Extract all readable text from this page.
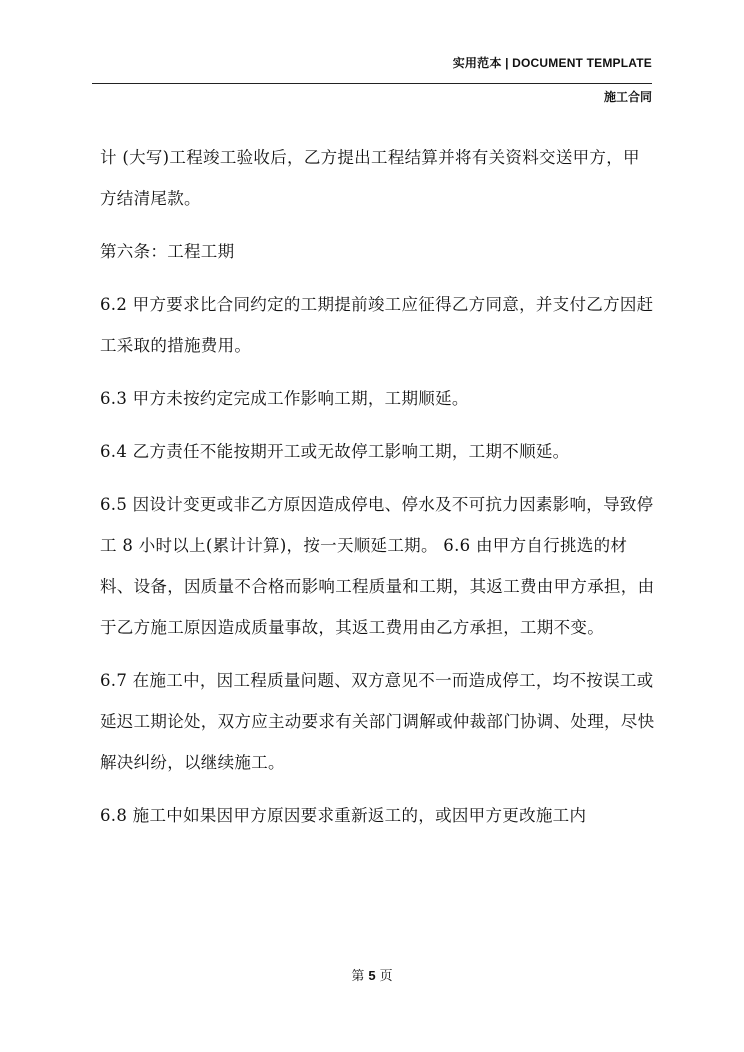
实用范本 | DOCUMENT TEMPLATE
施工合同

计 (大写)工程竣工验收后，乙方提出工程结算并将有关资料交送甲方，甲方结清尾款。

第六条：工程工期

6.2 甲方要求比合同约定的工期提前竣工应征得乙方同意，并支付乙方因赶工采取的措施费用。

6.3 甲方未按约定完成工作影响工期，工期顺延。

6.4 乙方责任不能按期开工或无故停工影响工期，工期不顺延。

6.5 因设计变更或非乙方原因造成停电、停水及不可抗力因素影响，导致停工 8 小时以上(累计计算)，按一天顺延工期。 6.6 由甲方自行挑选的材料、设备，因质量不合格而影响工程质量和工期，其返工费由甲方承担，由于乙方施工原因造成质量事故，其返工费用由乙方承担，工期不变。

6.7 在施工中，因工程质量问题、双方意见不一而造成停工，均不按误工或延迟工期论处，双方应主动要求有关部门调解或仲裁部门协调、处理，尽快解决纠纷，以继续施工。

6.8 施工中如果因甲方原因要求重新返工的，或因甲方更改施工内

第 5 页
